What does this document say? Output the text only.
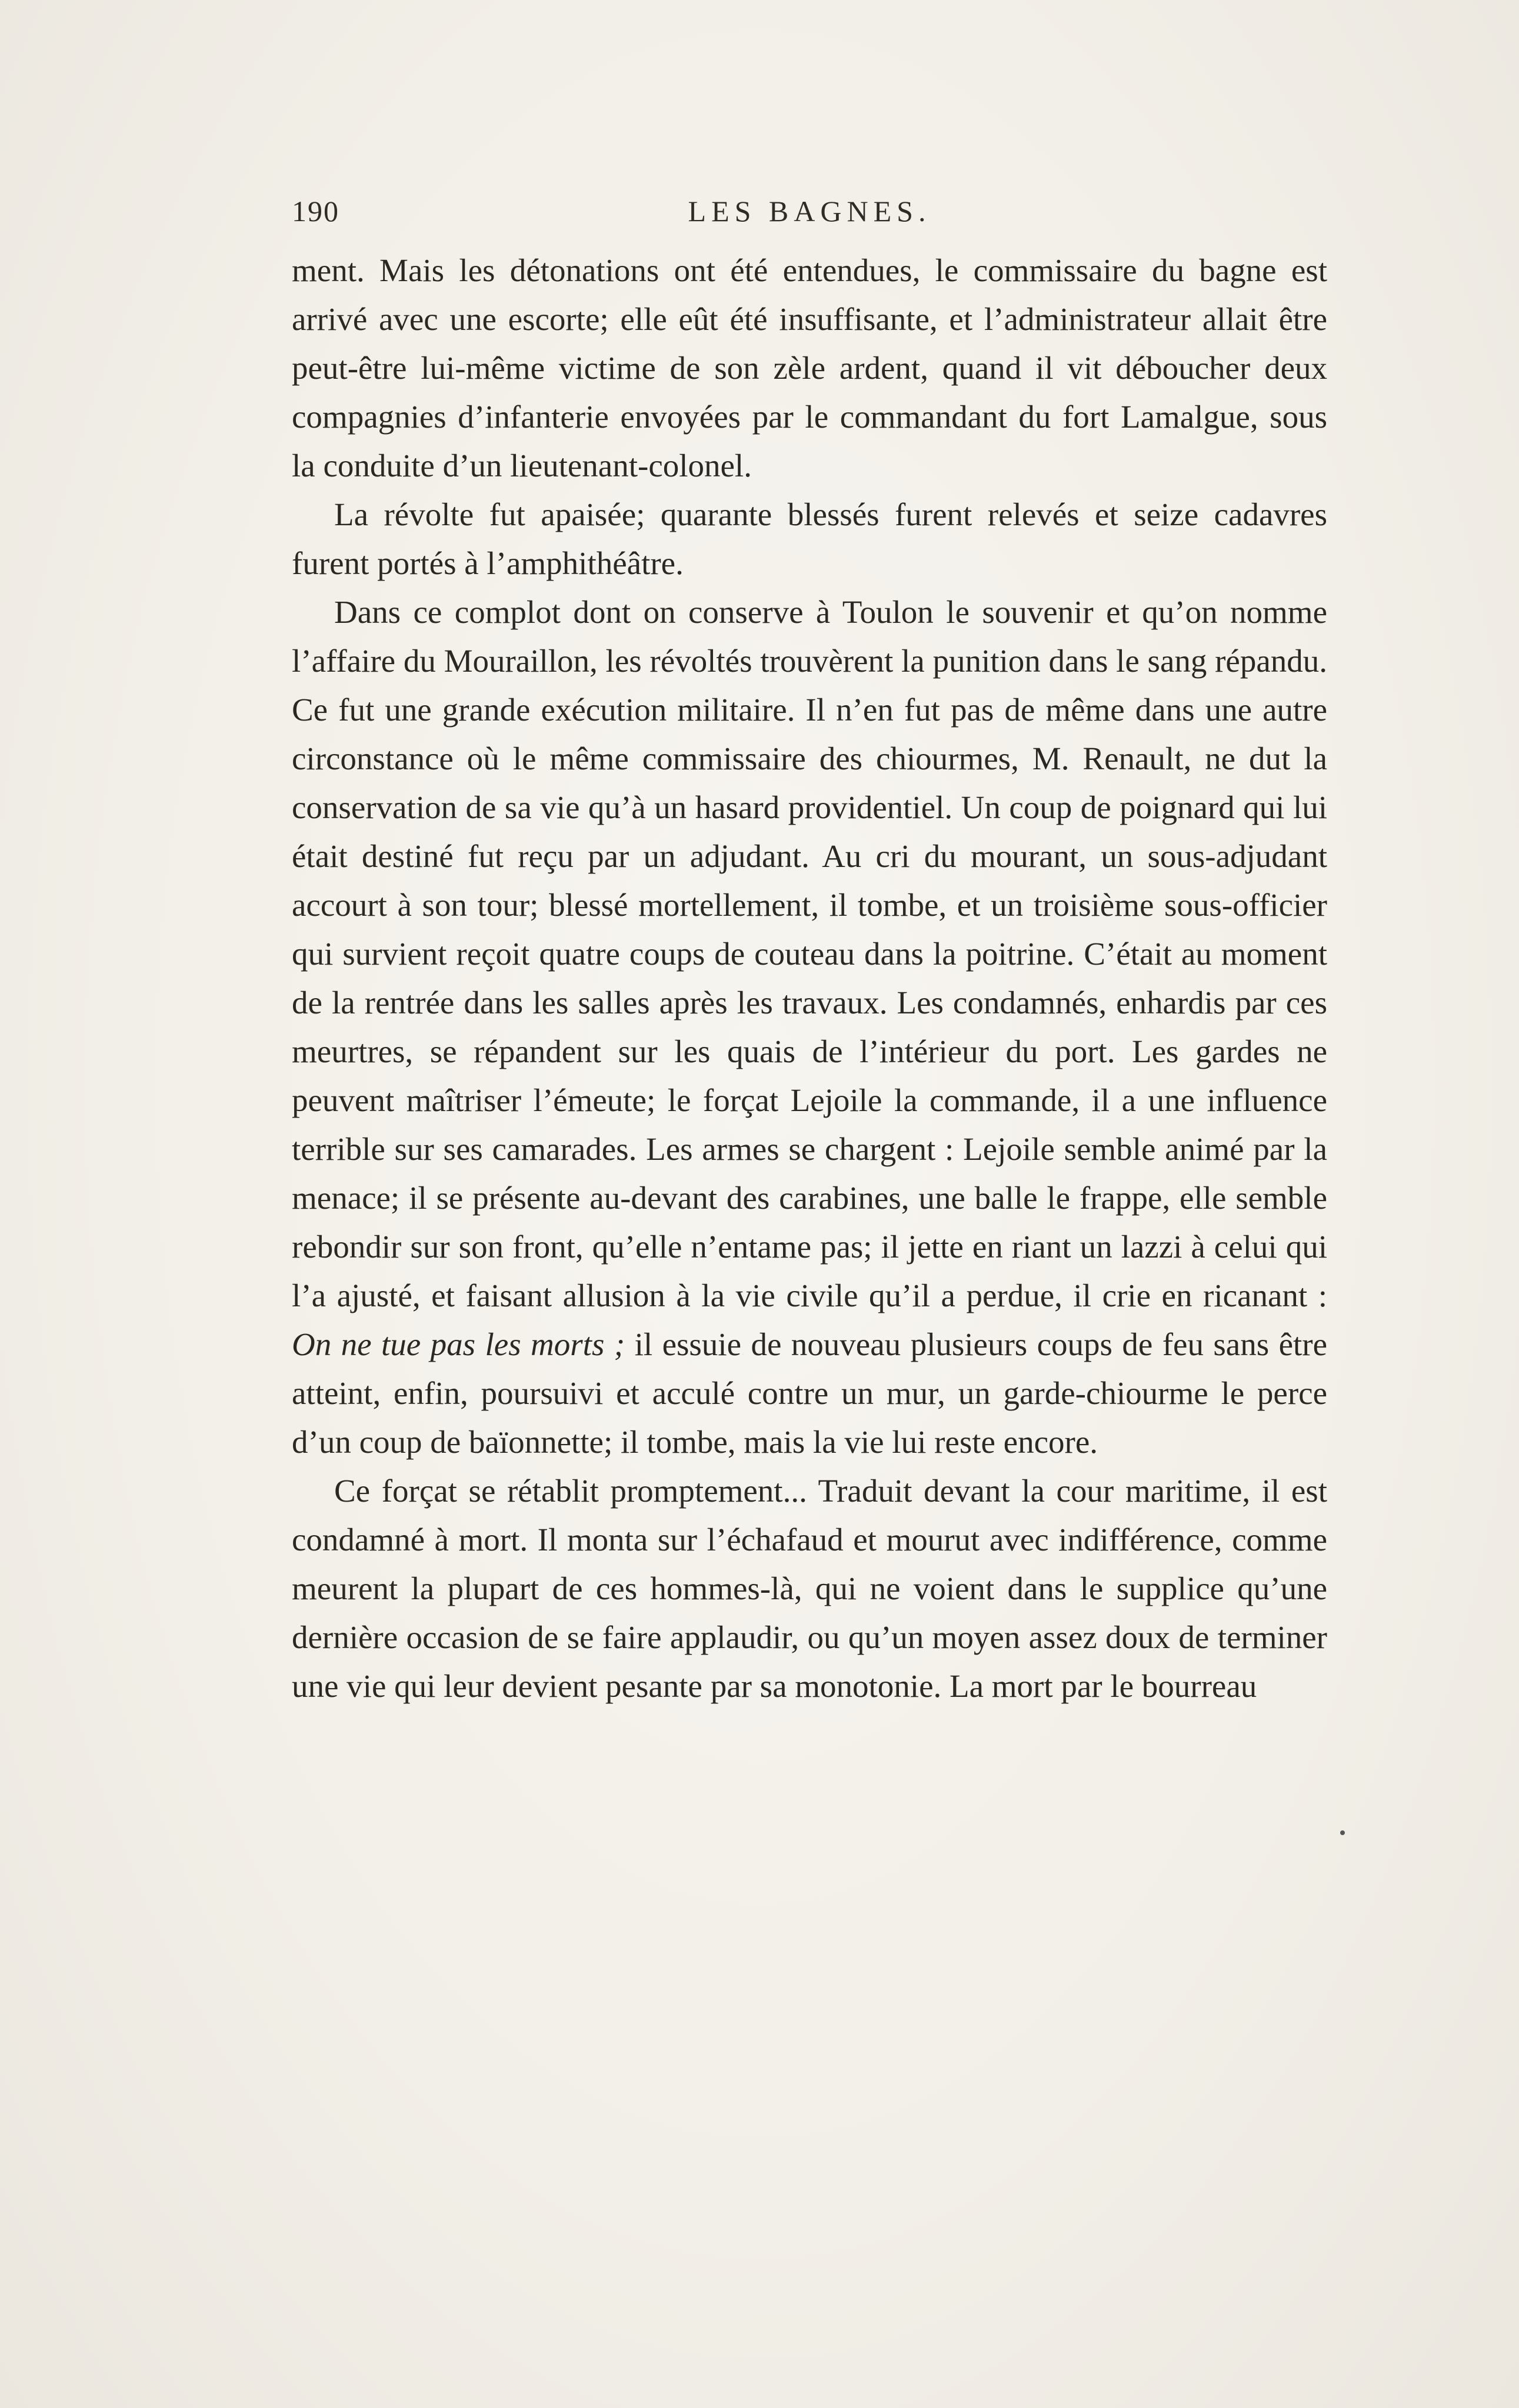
190	LES BAGNES.

ment. Mais les détonations ont été entendues, le commissaire du bagne est arrivé avec une escorte; elle eût été insuffisante, et l’administrateur allait être peut-être lui-même victime de son zèle ardent, quand il vit déboucher deux compagnies d’infanterie envoyées par le commandant du fort Lamalgue, sous la conduite d’un lieutenant-colonel.

La révolte fut apaisée; quarante blessés furent relevés et seize cadavres furent portés à l’amphithéâtre.

Dans ce complot dont on conserve à Toulon le souvenir et qu’on nomme l’affaire du Mouraillon, les révoltés trouvèrent la punition dans le sang répandu. Ce fut une grande exécution militaire. Il n’en fut pas de même dans une autre circonstance où le même commissaire des chiourmes, M. Renault, ne dut la conservation de sa vie qu’à un hasard providentiel. Un coup de poignard qui lui était destiné fut reçu par un adjudant. Au cri du mourant, un sous-adjudant accourt à son tour; blessé mortellement, il tombe, et un troisième sous-officier qui survient reçoit quatre coups de couteau dans la poitrine. C’était au moment de la rentrée dans les salles après les travaux. Les condamnés, enhardis par ces meurtres, se répandent sur les quais de l’intérieur du port. Les gardes ne peuvent maîtriser l’émeute; le forçat Lejoile la commande, il a une influence terrible sur ses camarades. Les armes se chargent : Lejoile semble animé par la menace; il se présente au-devant des carabines, une balle le frappe, elle semble rebondir sur son front, qu’elle n’entame pas; il jette en riant un lazzi à celui qui l’a ajusté, et faisant allusion à la vie civile qu’il a perdue, il crie en ricanant : On ne tue pas les morts ; il essuie de nouveau plusieurs coups de feu sans être atteint, enfin, poursuivi et acculé contre un mur, un garde-chiourme le perce d’un coup de baïonnette; il tombe, mais la vie lui reste encore.

Ce forçat se rétablit promptement... Traduit devant la cour maritime, il est condamné à mort. Il monta sur l’échafaud et mourut avec indifférence, comme meurent la plupart de ces hommes-là, qui ne voient dans le supplice qu’une dernière occasion de se faire applaudir, ou qu’un moyen assez doux de terminer une vie qui leur devient pesante par sa monotonie. La mort par le bourreau
